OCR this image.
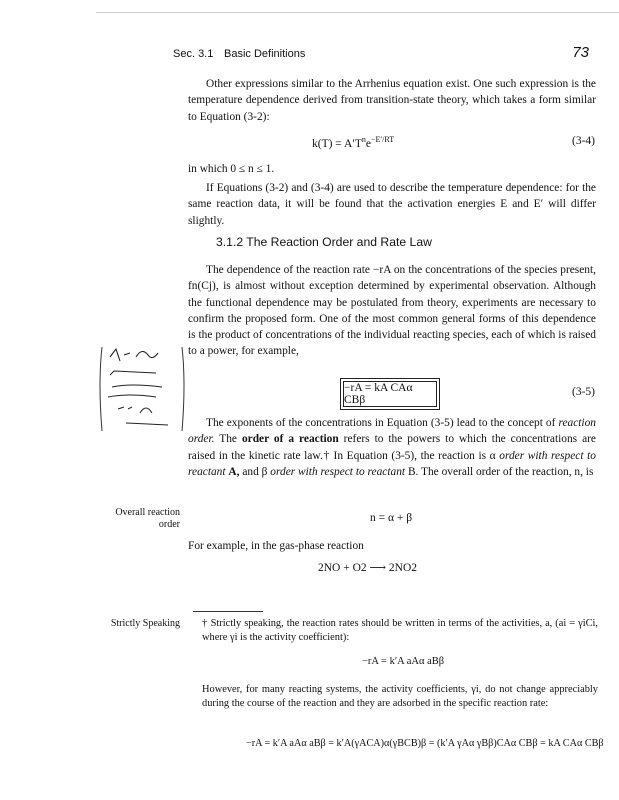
Sec. 3.1 Basic Definitions	73

Other expressions similar to the Arrhenius equation exist. One such expression is the temperature dependence derived from transition-state theory, which takes a form similar to Equation (3-2):

$k(T) = A'T^ne^{-E'/RT}$	(3-4)

in which 0 ≤ n ≤ 1.

If Equations (3-2) and (3-4) are used to describe the temperature dependence: for the same reaction data, it will be found that the activation energies E and E′ will differ slightly.

3.1.2 The Reaction Order and Rate Law

The dependence of the reaction rate −rA on the concentrations of the species present, fn(Cj), is almost without exception determined by experimental observation. Although the functional dependence may be postulated from theory, experiments are necessary to confirm the proposed form. One of the most common general forms of this dependence is the product of concentrations of the individual reacting species, each of which is raised to a power, for example,

−rA = kA CAα CBβ
(3-5)

The exponents of the concentrations in Equation (3-5) lead to the concept of reaction order. The order of a reaction refers to the powers to which the concentrations are raised in the kinetic rate law.† In Equation (3-5), the reaction is α order with respect to reactant A, and β order with respect to reactant B. The overall order of the reaction, n, is

Overall reaction order
n = α + β

For example, in the gas-phase reaction

2NO + O2 ⟶ 2NO2
Strictly Speaking † Strictly speaking, the reaction rates should be written in terms of the activities, a, (ai = γiCi, where γi is the activity coefficient):

−rA = k′A aAα aBβ

However, for many reacting systems, the activity coefficients, γi, do not change appreciably during the course of the reaction and they are adsorbed in the specific reaction rate:

−rA = k′A aAα aBβ = k′A(γACA)α(γBCB)β = (k′A γAα γBβ)CAα CBβ = kA CAα CBβ
